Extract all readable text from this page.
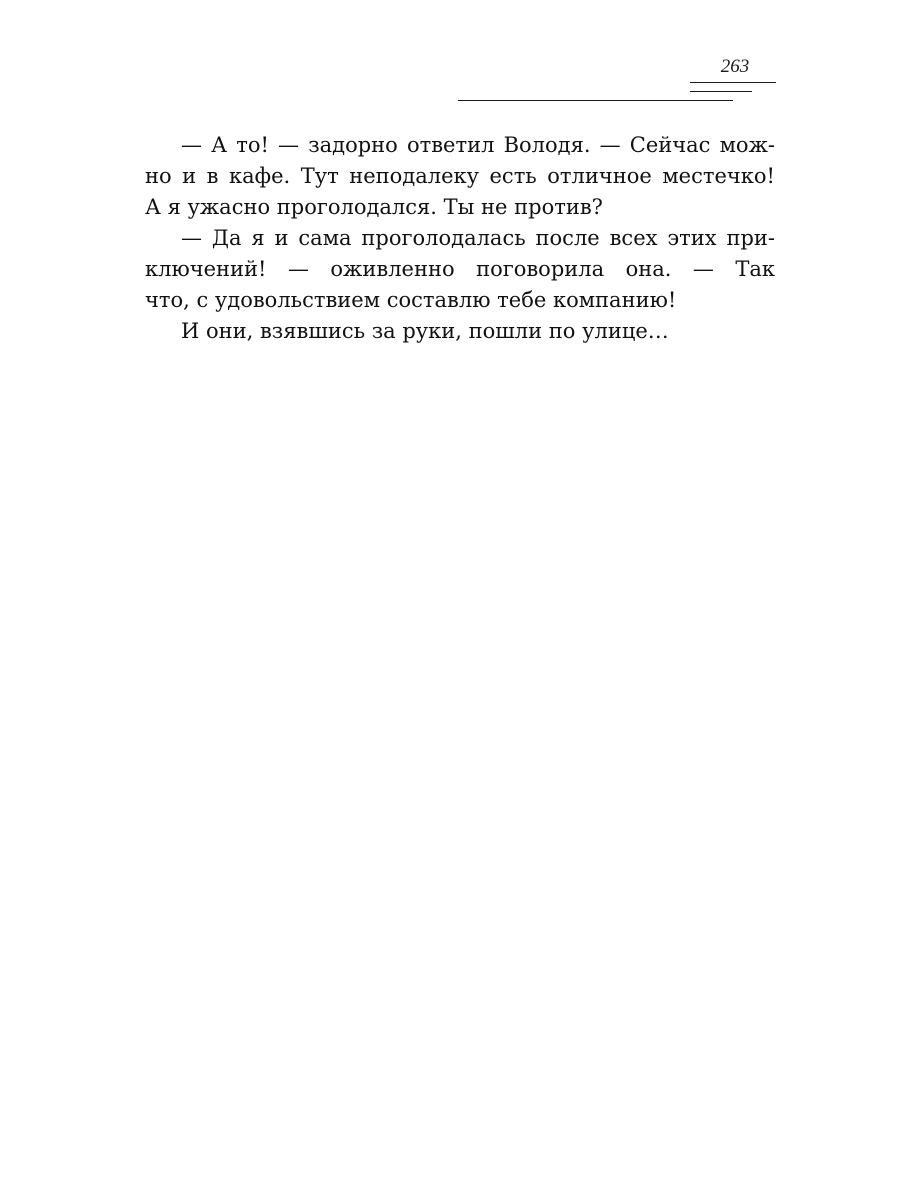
263

— А то! — задорно ответил Володя. — Сейчас мож-
но и в кафе. Тут неподалеку есть отличное местечко!
А я ужасно проголодался. Ты не против?

— Да я и сама проголодалась после всех этих при-
ключений! — оживленно поговорила она. — Так
что, с удовольствием составлю тебе компанию!

И они, взявшись за руки, пошли по улице…
